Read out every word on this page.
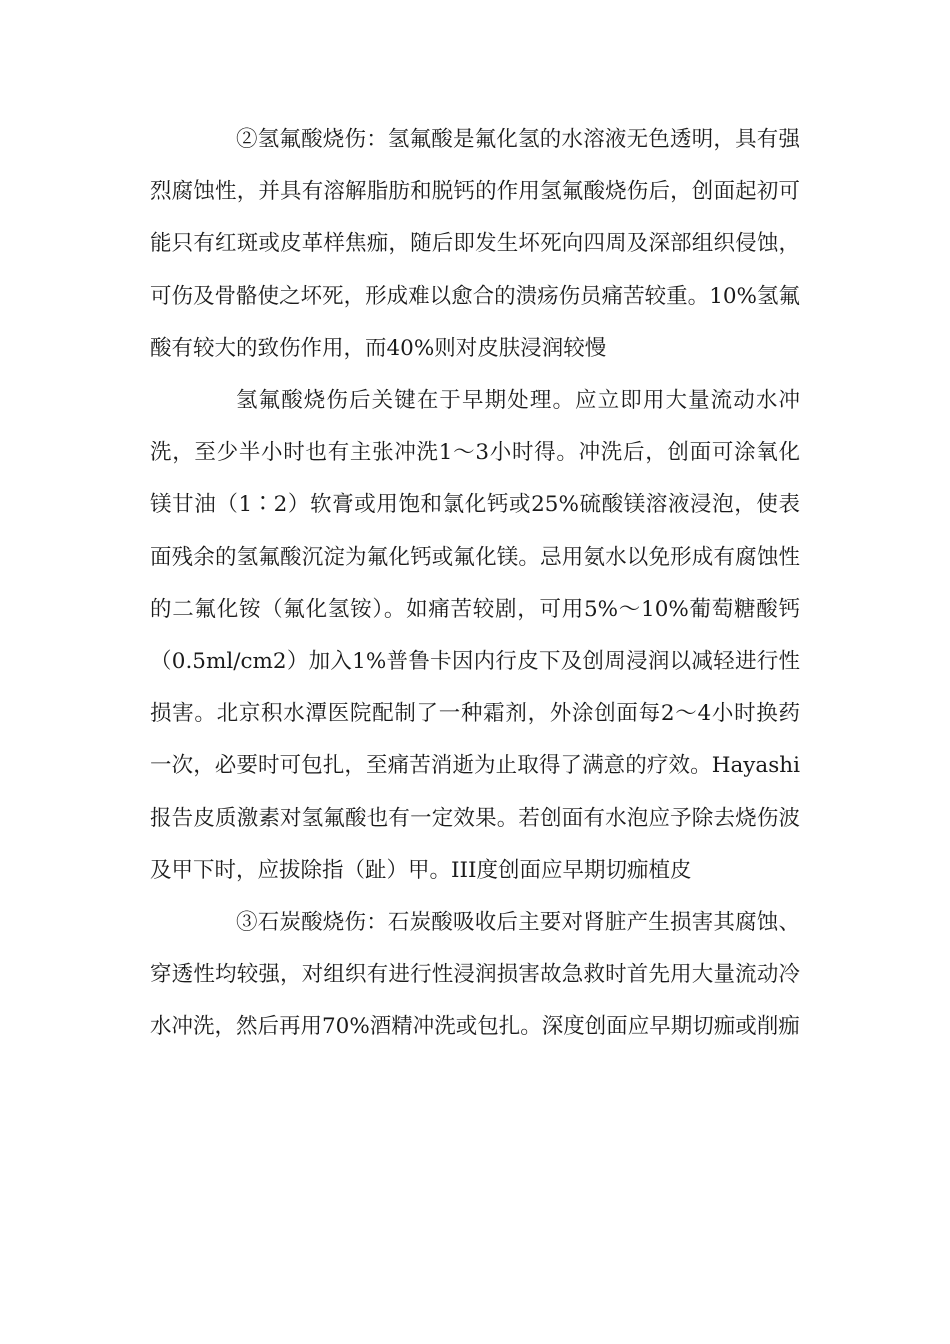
②氢氟酸烧伤：氢氟酸是氟化氢的水溶液无色透明，具有强烈腐蚀性，并具有溶解脂肪和脱钙的作用氢氟酸烧伤后，创面起初可能只有红斑或皮革样焦痂，随后即发生坏死向四周及深部组织侵蚀，可伤及骨骼使之坏死，形成难以愈合的溃疡伤员痛苦较重。10%氢氟酸有较大的致伤作用，而40%则对皮肤浸润较慢

氢氟酸烧伤后关键在于早期处理。应立即用大量流动水冲洗，至少半小时也有主张冲洗1～3小时得。冲洗后，创面可涂氧化镁甘油（1∶2）软膏或用饱和氯化钙或25%硫酸镁溶液浸泡，使表面残余的氢氟酸沉淀为氟化钙或氟化镁。忌用氨水以免形成有腐蚀性的二氟化铵（氟化氢铵）。如痛苦较剧，可用5%～10%葡萄糖酸钙（0.5ml/cm2）加入1%普鲁卡因内行皮下及创周浸润以减轻进行性损害。北京积水潭医院配制了一种霜剂，外涂创面每2～4小时换药一次，必要时可包扎，至痛苦消逝为止取得了满意的疗效。Hayashi报告皮质激素对氢氟酸也有一定效果。若创面有水泡应予除去烧伤波及甲下时，应拔除指（趾）甲。III度创面应早期切痂植皮

③石炭酸烧伤：石炭酸吸收后主要对肾脏产生损害其腐蚀、穿透性均较强，对组织有进行性浸润损害故急救时首先用大量流动冷水冲洗，然后再用70%酒精冲洗或包扎。深度创面应早期切痂或削痂
